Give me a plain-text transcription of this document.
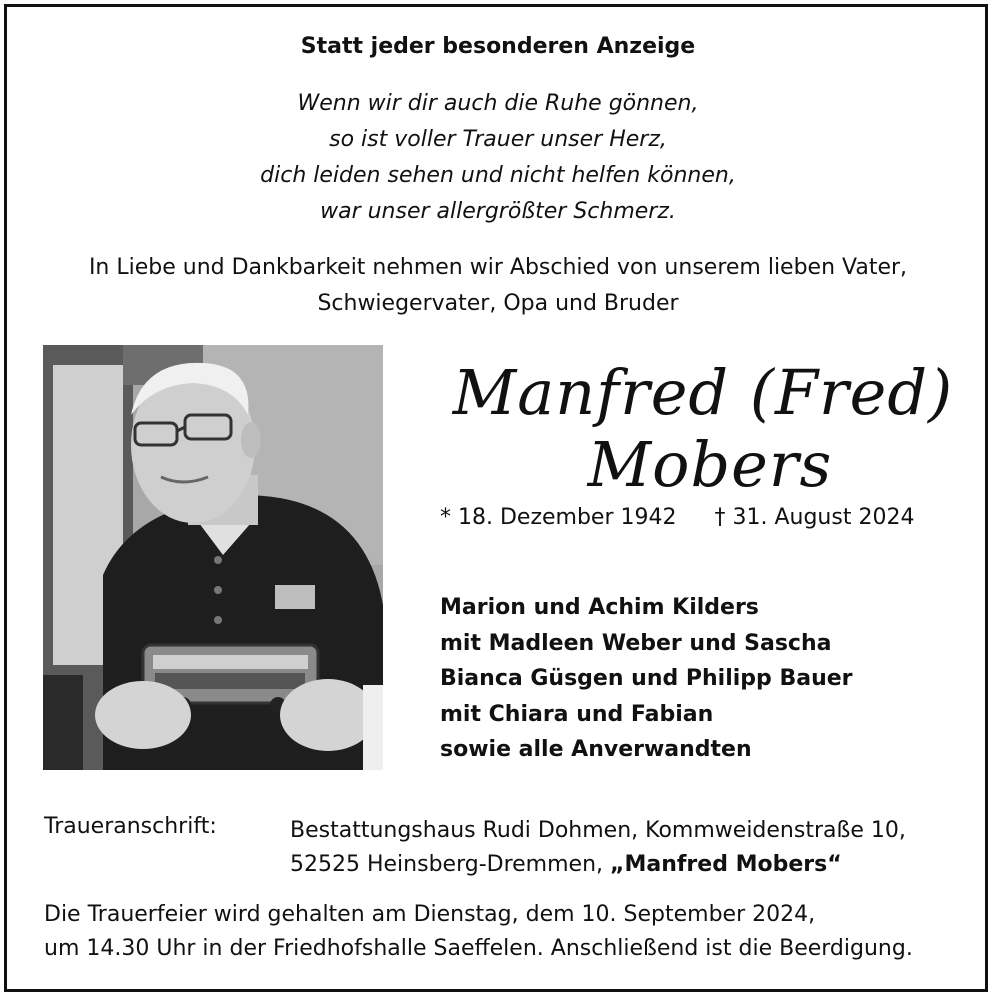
Statt jeder besonderen Anzeige
Wenn wir dir auch die Ruhe gönnen,
so ist voller Trauer unser Herz,
dich leiden sehen und nicht helfen können,
war unser allergrößter Schmerz.
In Liebe und Dankbarkeit nehmen wir Abschied von unserem lieben Vater,
Schwiegervater, Opa und Bruder
Manfred (Fred)
Mobers
* 18. Dezember 1942 † 31. August 2024
Marion und Achim Kilders
mit Madleen Weber und Sascha
Bianca Güsgen und Philipp Bauer
mit Chiara und Fabian
sowie alle Anverwandten
Traueranschrift:	Bestattungshaus Rudi Dohmen, Kommweidenstraße 10,
52525 Heinsberg-Dremmen, „Manfred Mobers“
Die Trauerfeier wird gehalten am Dienstag, dem 10. September 2024,
um 14.30 Uhr in der Friedhofshalle Saeffelen. Anschließend ist die Beerdigung.
